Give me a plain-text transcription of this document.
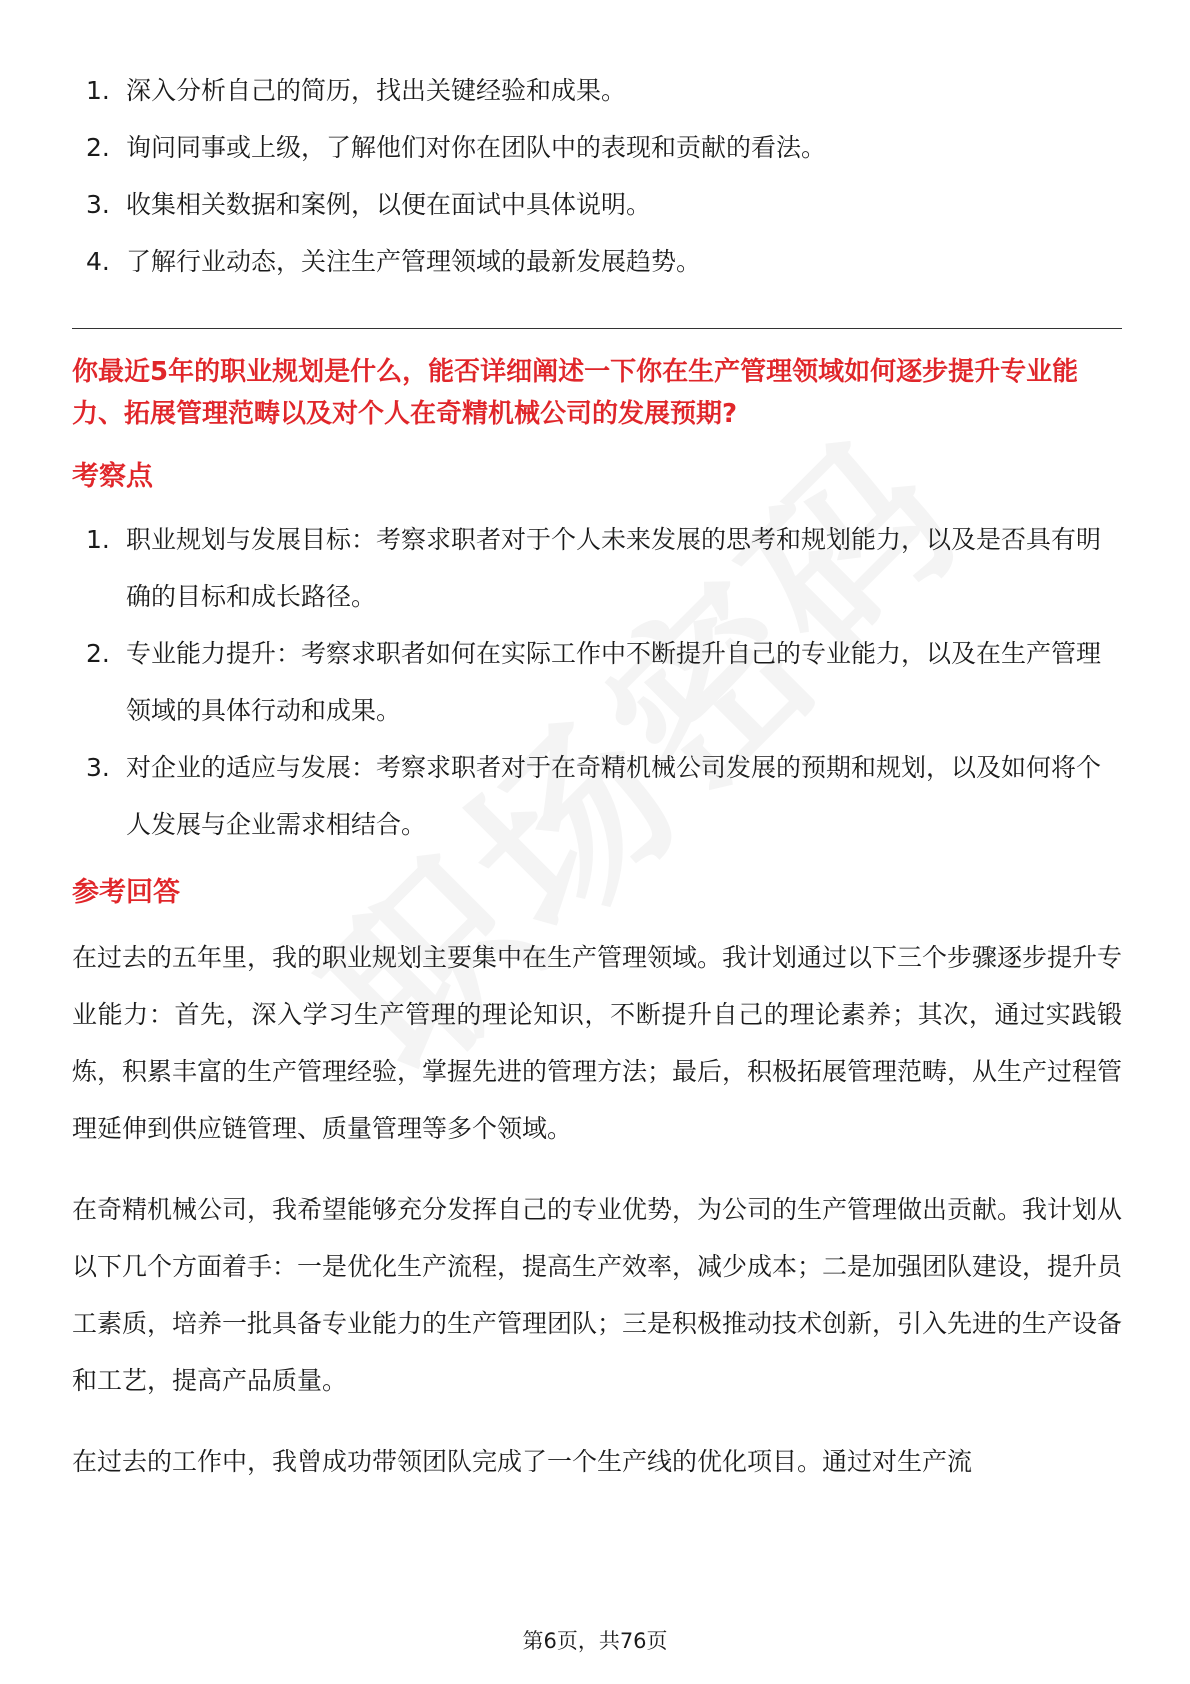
1. 深入分析自己的简历，找出关键经验和成果。
2. 询问同事或上级，了解他们对你在团队中的表现和贡献的看法。
3. 收集相关数据和案例，以便在面试中具体说明。
4. 了解行业动态，关注生产管理领域的最新发展趋势。

你最近5年的职业规划是什么，能否详细阐述一下你在生产管理领域如何逐步提升专业能力、拓展管理范畴以及对个人在奇精机械公司的发展预期?

考察点
1. 职业规划与发展目标：考察求职者对于个人未来发展的思考和规划能力，以及是否具有明确的目标和成长路径。
2. 专业能力提升：考察求职者如何在实际工作中不断提升自己的专业能力，以及在生产管理领域的具体行动和成果。
3. 对企业的适应与发展：考察求职者对于在奇精机械公司发展的预期和规划，以及如何将个人发展与企业需求相结合。
参考回答

在过去的五年里，我的职业规划主要集中在生产管理领域。我计划通过以下三个步骤逐步提升专业能力：首先，深入学习生产管理的理论知识，不断提升自己的理论素养；其次，通过实践锻炼，积累丰富的生产管理经验，掌握先进的管理方法；最后，积极拓展管理范畴，从生产过程管理延伸到供应链管理、质量管理等多个领域。

在奇精机械公司，我希望能够充分发挥自己的专业优势，为公司的生产管理做出贡献。我计划从以下几个方面着手：一是优化生产流程，提高生产效率，减少成本；二是加强团队建设，提升员工素质，培养一批具备专业能力的生产管理团队；三是积极推动技术创新，引入先进的生产设备和工艺，提高产品质量。

在过去的工作中，我曾成功带领团队完成了一个生产线的优化项目。通过对生产流

第6页，共76页
